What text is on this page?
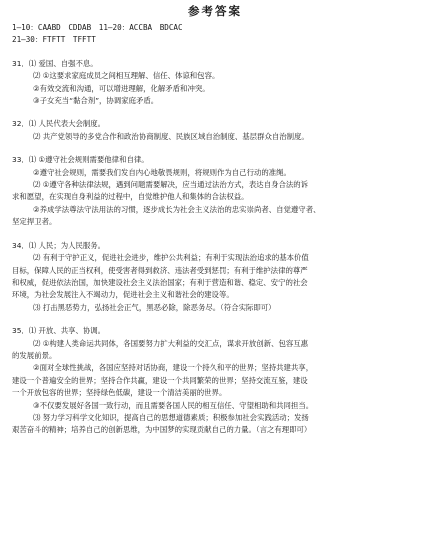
参考答案
1—10：CAABD　CDDAB　11—20：ACCBA　BDCAC
21—30：FTFTT　TFFTT
31．⑴ 爱国、自强不息。
⑵ ①这要求家庭成员之间相互理解、信任、体谅和包容。
②有效交流和沟通，可以增进理解，化解矛盾和冲突。
③子女充当“黏合剂”，协调家庭矛盾。
32．⑴ 人民代表大会制度。
⑵ 共产党领导的多党合作和政治协商制度、民族区域自治制度、基层群众自治制度。
33．⑴ ①遵守社会规则需要他律和自律。
②遵守社会规则，需要我们发自内心地敬畏规则，将规则作为自己行动的准绳。
⑵ ①遵守各种法律法规，遇到问题需要解决，应当通过法治方式，表达自身合法的诉
求和愿望，在实现自身利益的过程中，自觉维护他人和集体的合法权益。
②养成学法尊法守法用法的习惯，逐步成长为社会主义法治的忠实崇尚者、自觉遵守者、
坚定捍卫者。
34．⑴ 人民；为人民服务。
⑵ 有利于守护正义，促进社会进步，维护公共利益；有利于实现法治追求的基本价值
目标，保障人民的正当权利，使受害者得到救济、违法者受到惩罚；有利于维护法律的尊严
和权威，促进依法治国，加快建设社会主义法治国家；有利于营造和谐、稳定、安宁的社会
环境，为社会发展注入不竭动力，促进社会主义和谐社会的建设等。
⑶ 打击黑恶势力，弘扬社会正气，黑恶必除，除恶务尽。（符合实际即可）
35．⑴ 开放、共享、协调。
⑵ ①构建人类命运共同体，各国要努力扩大利益的交汇点，谋求开放创新、包容互惠
的发展前景。
②面对全球性挑战，各国应坚持对话协商，建设一个持久和平的世界；坚持共建共享，
建设一个普遍安全的世界；坚持合作共赢，建设一个共同繁荣的世界；坚持交流互鉴，建设
一个开放包容的世界；坚持绿色低碳，建设一个清洁美丽的世界。
③不仅要发展好各国一致行动，而且需要各国人民的相互信任、守望相助和共同担当。
⑶ 努力学习科学文化知识，提高自己的思想道德素质；积极参加社会实践活动；发扬
艰苦奋斗的精神；培养自己的创新思维，为中国梦的实现贡献自己的力量。（言之有理即可）
